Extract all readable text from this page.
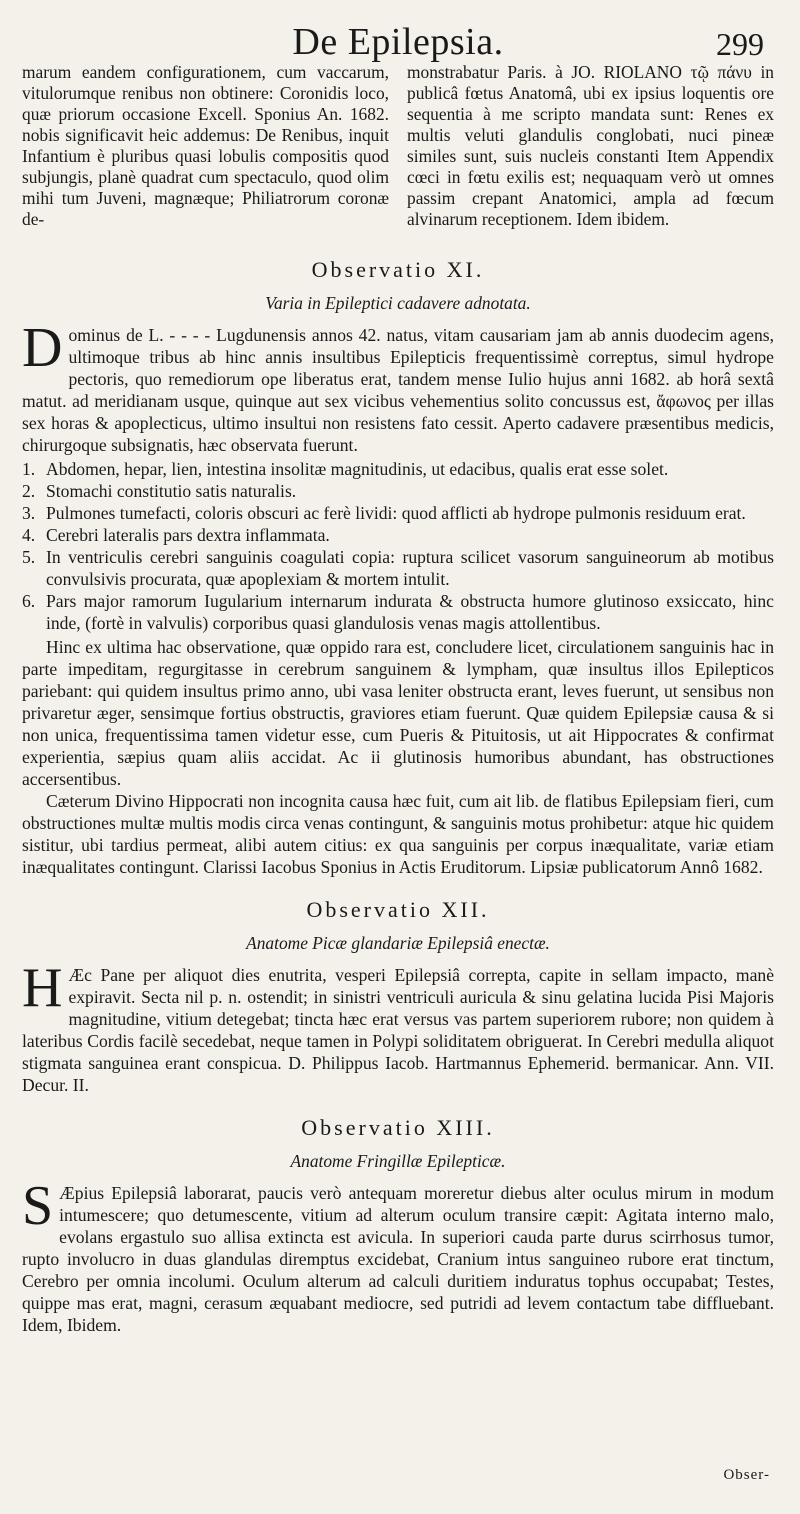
De Epilepsia.	299

marum eandem configurationem, cum vaccarum, vitulorumque renibus non obtinere: Coronidis loco, quæ priorum occasione Excell. Sponius An. 1682. nobis significavit heic addemus: De Renibus, inquit Infantium è pluribus quasi lobulis compositis quod subjungis, planè quadrat cum spectaculo, quod olim mihi tum Juveni, magnæque; Philiatrorum coronæ de-

monstrabatur Paris. à JO. RIOLANO τῷ πάνυ in publicâ fœtus Anatomâ, ubi ex ipsius loquentis ore sequentia à me scripto mandata sunt: Renes ex multis veluti glandulis conglobati, nuci pineæ similes sunt, suis nucleis constanti Item Appendix cœci in fœtu exilis est; nequaquam verò ut omnes passim crepant Anatomici, ampla ad fœcum alvinarum receptionem. Idem ibidem.

Observatio XI.
Varia in Epileptici cadavere adnotata.

Dominus de L. - - - - Lugdunensis annos 42. natus, vitam causariam jam ab annis duodecim agens, ultimoque tribus ab hinc annis insultibus Epilepticis frequentissimè correptus, simul hydrope pectoris, quo remediorum ope liberatus erat, tandem mense Iulio hujus anni 1682. ab horâ sextâ matut. ad meridianam usque, quinque aut sex vicibus vehementius solito concussus est, ἄφωνος per illas sex horas & apoplecticus, ultimo insultui non resistens fato cessit. Aperto cadavere præsentibus medicis, chirurgoque subsignatis, hæc observata fuerunt.

1. Abdomen, hepar, lien, intestina insolitæ magnitudinis, ut edacibus, qualis erat esse solet.
2. Stomachi constitutio satis naturalis.
3. Pulmones tumefacti, coloris obscuri ac ferè lividi: quod afflicti ab hydrope pulmonis residuum erat.
4. Cerebri lateralis pars dextra inflammata.
5. In ventriculis cerebri sanguinis coagulati copia: ruptura scilicet vasorum sanguineorum ab motibus convulsivis procurata, quæ apoplexiam & mortem intulit.
6. Pars major ramorum Iugularium internarum indurata & obstructa humore glutinoso exsiccato, hinc inde, (fortè in valvulis) corporibus quasi glandulosis venas magis attollentibus.

Hinc ex ultima hac observatione, quæ oppido rara est, concludere licet, circulationem sanguinis hac in parte impeditam, regurgitasse in cerebrum sanguinem & lympham, quæ insultus illos Epilepticos pariebant: qui quidem insultus primo anno, ubi vasa leniter obstructa erant, leves fuerunt, ut sensibus non privaretur æger, sensimque fortius obstructis, graviores etiam fuerunt. Quæ quidem Epilepsiæ causa & si non unica, frequentissima tamen videtur esse, cum Pueris & Pituitosis, ut ait Hippocrates & confirmat experientia, sæpius quam aliis accidat. Ac ii glutinosis humoribus abundant, has obstructiones accersentibus.

Cæterum Divino Hippocrati non incognita causa hæc fuit, cum ait lib. de flatibus Epilepsiam fieri, cum obstructiones multæ multis modis circa venas contingunt, & sanguinis motus prohibetur: atque hic quidem sistitur, ubi tardius permeat, alibi autem citius: ex qua sanguinis per corpus inæqualitate, variæ etiam inæqualitates contingunt. Clarissi Iacobus Sponius in Actis Eruditorum. Lipsiæ publicatorum Annô 1682.

Observatio XII.
Anatome Picæ glandariæ Epilepsiâ enectæ.

H Æc Pane per aliquot dies enutrita, vesperi Epilepsiâ correpta, capite in sellam impacto, manè expiravit. Secta nil p. n. ostendit; in sinistri ventriculi auricula & sinu gelatina lucida Pisi Majoris magnitudine, vitium detegebat; tincta hæc erat versus vas partem superiorem rubore; non quidem à lateribus Cordis facilè secedebat, neque tamen in Polypi soliditatem obriguerat. In Cerebri medulla aliquot stigmata sanguinea erant conspicua. D. Philippus Iacob. Hartmannus Ephemerid. bermanicar. Ann. VII. Decur. II.

Observatio XIII.
Anatome Fringillæ Epilepticæ.

S Æpius Epilepsiâ laborarat, paucis verò antequam moreretur diebus alter oculus mirum in modum intumescere; quo detumescente, vitium ad alterum oculum transire cæpit: Agitata interno malo, evolans ergastulo suo allisa extincta est avicula. In superiori cauda parte durus scirrhosus tumor, rupto involucro in duas glandulas diremptus excidebat, Cranium intus sanguineo rubore erat tinctum, Cerebro per omnia incolumi. Oculum alterum ad calculi duritiem induratus tophus occupabat; Testes, quippe mas erat, magni, cerasum æquabant mediocre, sed putridi ad levem contactum tabe diffluebant. Idem, Ibidem.

Obser-
